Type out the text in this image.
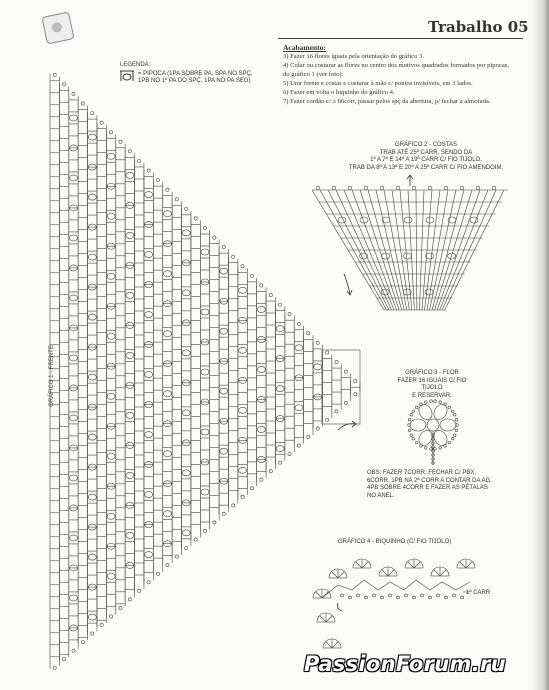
Trabalho 05

Acabamento:

3) Fazer 16 flores iguais pela orientação do gráfico 3.

4) Colar ou costurar as flores no centro dos motivos quadrados formados por pipocas, do gráfico 1 (ver foto).

5) Unir frente e costas e costurar à mão c/ pontos invisíveis, em 3 lados.

6) Fazer em volta o biquinho do gráfico 4.

7) Fazer cordão c/ ± 66corr, passar pelos spç da abertura, p/ fechar a almofada.

LEGENDA:
= PIPOCA (1PA SOBRE PA, SPA NO SPÇ,
1PB NO 1º PA DO SPÇ, 1PA NO PA SEG)
GRÁFICO 1 - FRENTE
GRÁFICO 2 - COSTAS
TRAB ATÉ 25ª CARR, SENDO DA
1ª A 7ª E 14ª A 19ª CARR C/ FIO TIJOLO.
TRAB DA 8ª A 13ª E 20ª A 25ª CARR C/ FIO AMENDOIM.
GRÁFICO 3 - FLOR
FAZER 16 IGUAIS C/ FIO TIJOLO
E RESERVAR.
OBS: FAZER 7CORR, FECHAR C/ PBX,
6CORR, 1PB NA 2ª CORR A CONTAR DA AG,
4PB SOBRE 4CORR E FAZER AS PÉTALAS
NO ANEL.
GRÁFICO 4 - BIQUINHO (C/ FIO TIJOLO)
1ª CARR
PassionForum.ru
